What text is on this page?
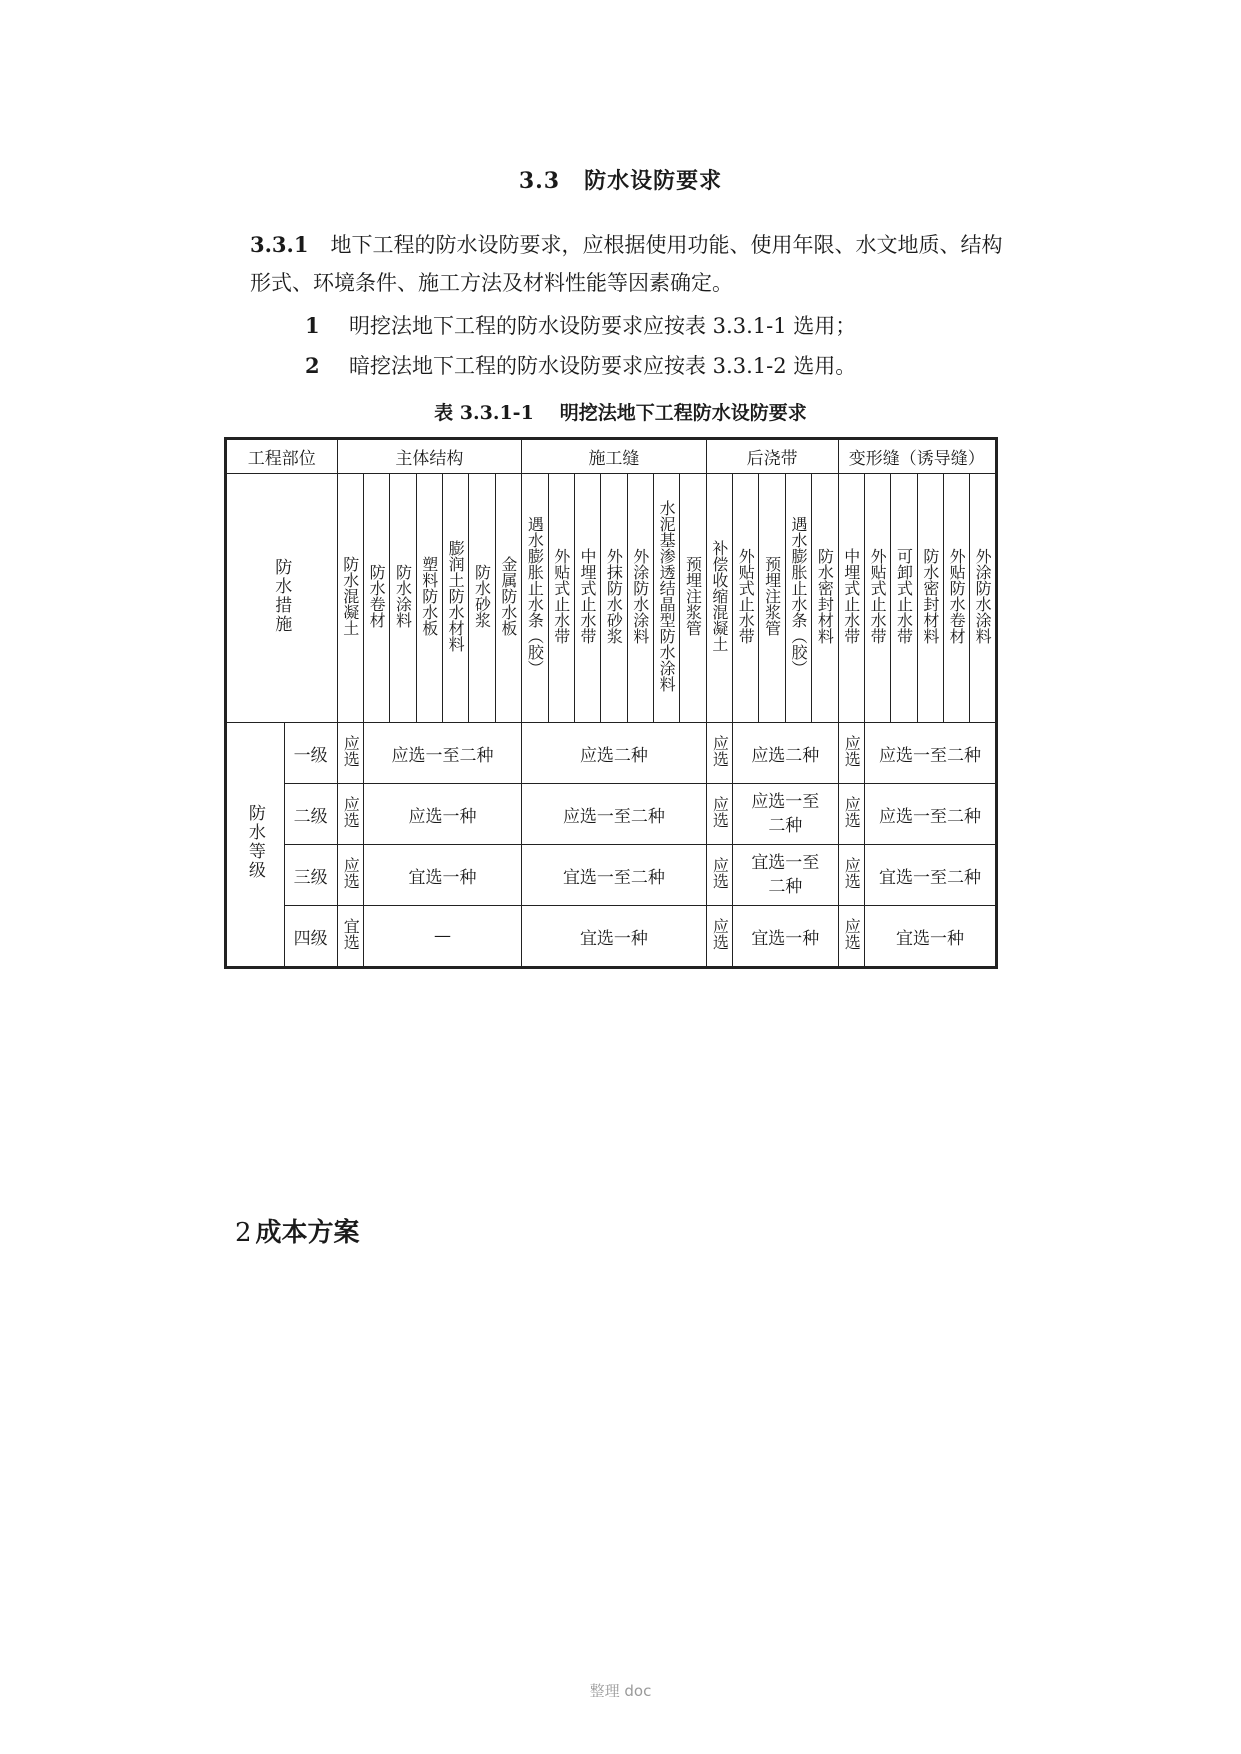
3.3 防水设防要求
3.3.1 地下工程的防水设防要求，应根据使用功能、使用年限、水文地质、结构形式、环境条件、施工方法及材料性能等因素确定。
1 明挖法地下工程的防水设防要求应按表 3.3.1-1 选用；
2 暗挖法地下工程的防水设防要求应按表 3.3.1-2 选用。
表 3.3.1-1 明挖法地下工程防水设防要求
工程部位		主体结构							施工缝							后浇带					变形缝（诱导缝）					
防水措施		防水混凝土	防水卷材	防水涂料	塑料防水板	膨润土防水材料	防水砂浆	金属防水板	遇水膨胀止水条（胶）	外贴式止水带	中埋式止水带	外抹防水砂浆	外涂防水涂料	水泥基渗透结晶型防水涂料	预埋注浆管	补偿收缩混凝土	外贴式止水带	预埋注浆管	遇水膨胀止水条（胶）	防水密封材料	中埋式止水带	外贴式止水带	可卸式止水带	防水密封材料	外贴防水卷材	外涂防水涂料
防水等级	一级	应选	应选一至二种						应选二种							应选	应选二种				应选	应选一至二种				
	二级	应选	应选一种						应选一至二种							应选	应选一至二种				应选	应选一至二种				
	三级	应选	宜选一种						宜选一至二种							应选	宜选一至二种				应选	宜选一至二种				
	四级	宜选	—						宜选一种							应选	宜选一种				应选	宜选一种				
2 成本方案
整理 doc
